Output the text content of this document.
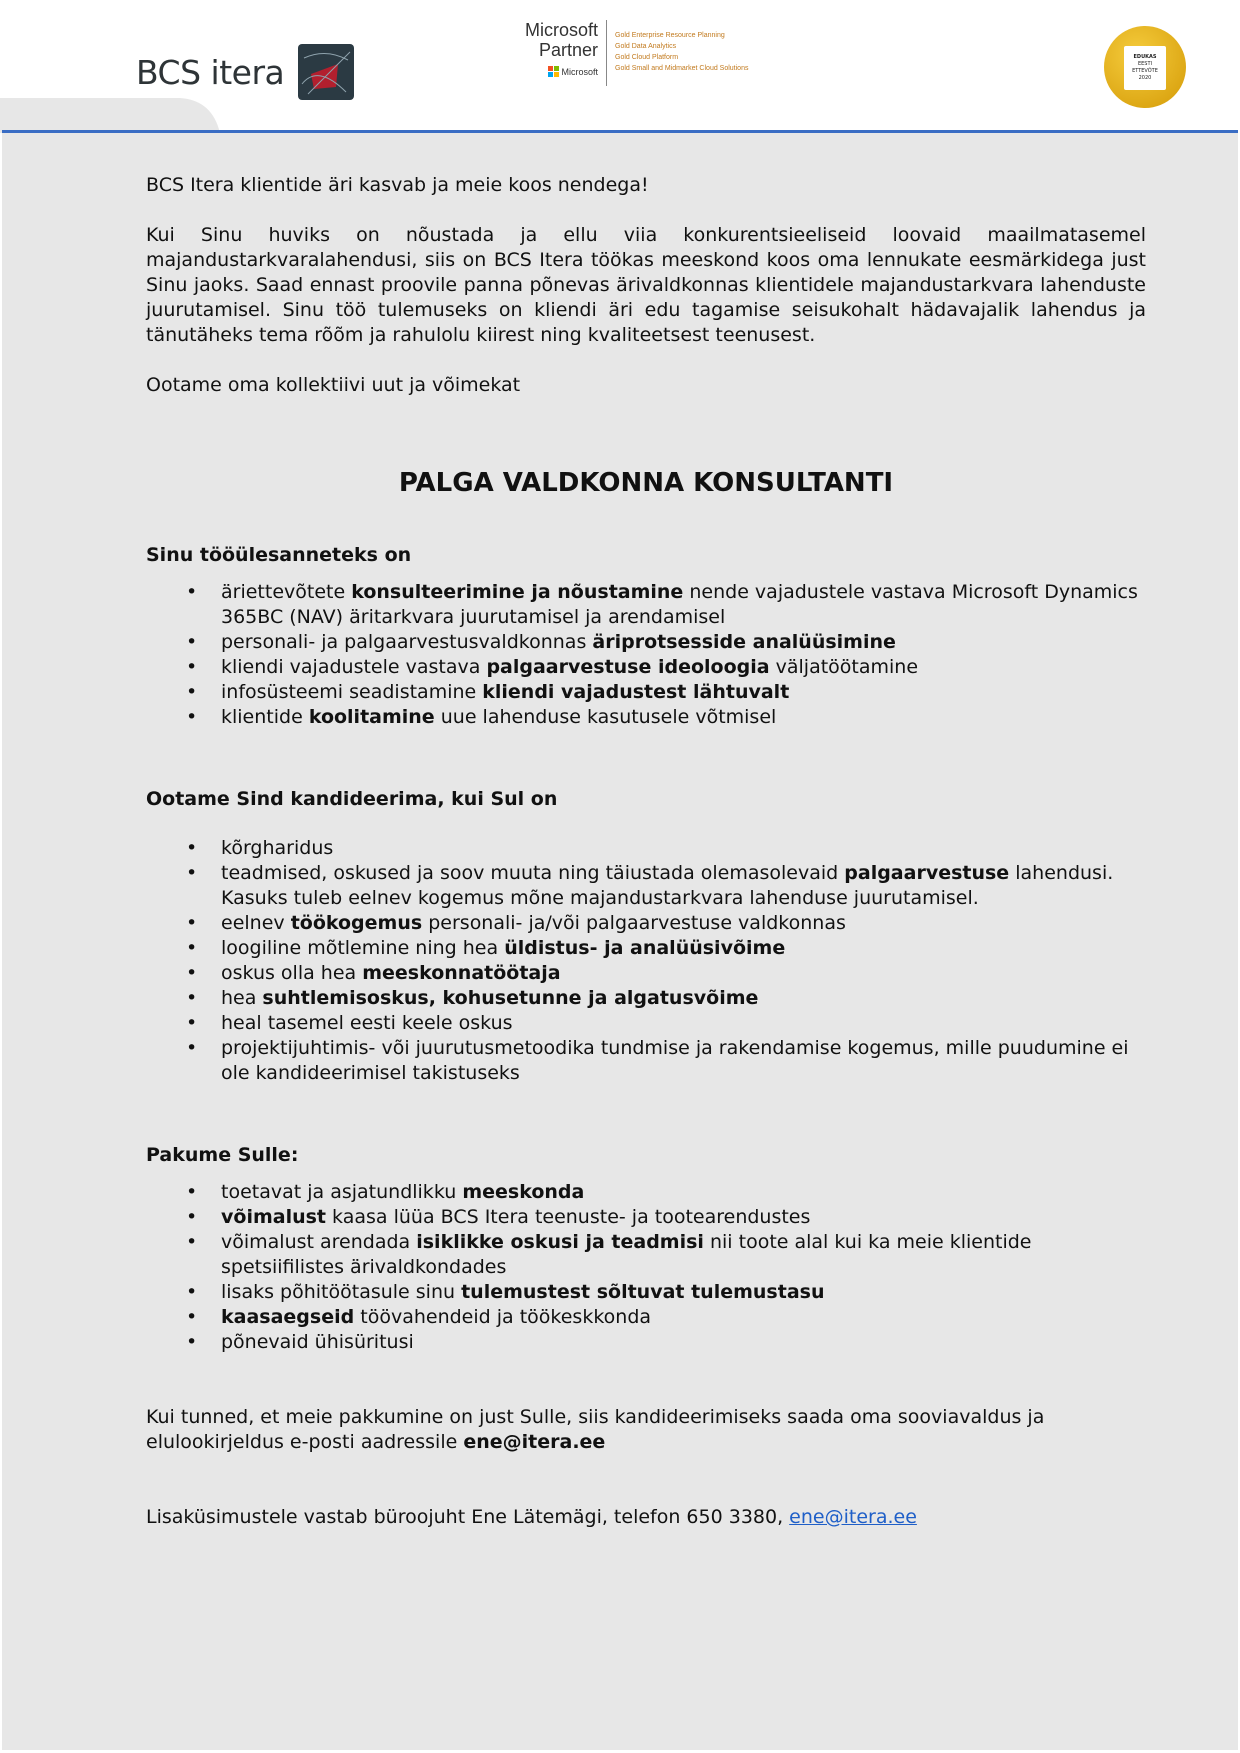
BCS itera
Microsoft
Partner
Microsoft
Gold Enterprise Resource Planning
Gold Data Analytics
Gold Cloud Platform
Gold Small and Midmarket Cloud Solutions
EDUKAS
EESTI
ETTEVÕTE
2020

BCS Itera klientide äri kasvab ja meie koos nendega!

Kui Sinu huviks on nõustada ja ellu viia konkurentsieeliseid loovaid maailmatasemel majandustarkvaralahendusi, siis on BCS Itera töökas meeskond koos oma lennukate eesmärkidega just Sinu jaoks. Saad ennast proovile panna põnevas ärivaldkonnas klientidele majandustarkvara lahenduste juurutamisel. Sinu töö tulemuseks on kliendi äri edu tagamise seisukohalt hädavajalik lahendus ja tänutäheks tema rõõm ja rahulolu kiirest ning kvaliteetsest teenusest.

Ootame oma kollektiivi uut ja võimekat

PALGA VALDKONNA KONSULTANTI
Sinu tööülesanneteks on
• äriettevõtete konsulteerimine ja nõustamine nende vajadustele vastava Microsoft Dynamics 365BC (NAV) äritarkvara juurutamisel ja arendamisel
• personali- ja palgaarvestusvaldkonnas äriprotsesside analüüsimine
• kliendi vajadustele vastava palgaarvestuse ideoloogia väljatöötamine
• infosüsteemi seadistamine kliendi vajadustest lähtuvalt
• klientide koolitamine uue lahenduse kasutusele võtmisel
Ootame Sind kandideerima, kui Sul on
• kõrgharidus
• teadmised, oskused ja soov muuta ning täiustada olemasolevaid palgaarvestuse lahendusi. Kasuks tuleb eelnev kogemus mõne majandustarkvara lahenduse juurutamisel.
• eelnev töökogemus personali- ja/või palgaarvestuse valdkonnas
• loogiline mõtlemine ning hea üldistus- ja analüüsivõime
• oskus olla hea meeskonnatöötaja
• hea suhtlemisoskus, kohusetunne ja algatusvõime
• heal tasemel eesti keele oskus
• projektijuhtimis- või juurutusmetoodika tundmise ja rakendamise kogemus, mille puudumine ei ole kandideerimisel takistuseks
Pakume Sulle:
• toetavat ja asjatundlikku meeskonda
• võimalust kaasa lüüa BCS Itera teenuste- ja tootearendustes
• võimalust arendada isiklikke oskusi ja teadmisi nii toote alal kui ka meie klientide spetsiifilistes ärivaldkondades
• lisaks põhitöötasule sinu tulemustest sõltuvat tulemustasu
• kaasaegseid töövahendeid ja töökeskkonda
• põnevaid ühisüritusi

Kui tunned, et meie pakkumine on just Sulle, siis kandideerimiseks saada oma sooviavaldus ja elulookirjeldus e-posti aadressile ene@itera.ee

Lisaküsimustele vastab büroojuht Ene Lätemägi, telefon 650 3380, ene@itera.ee
